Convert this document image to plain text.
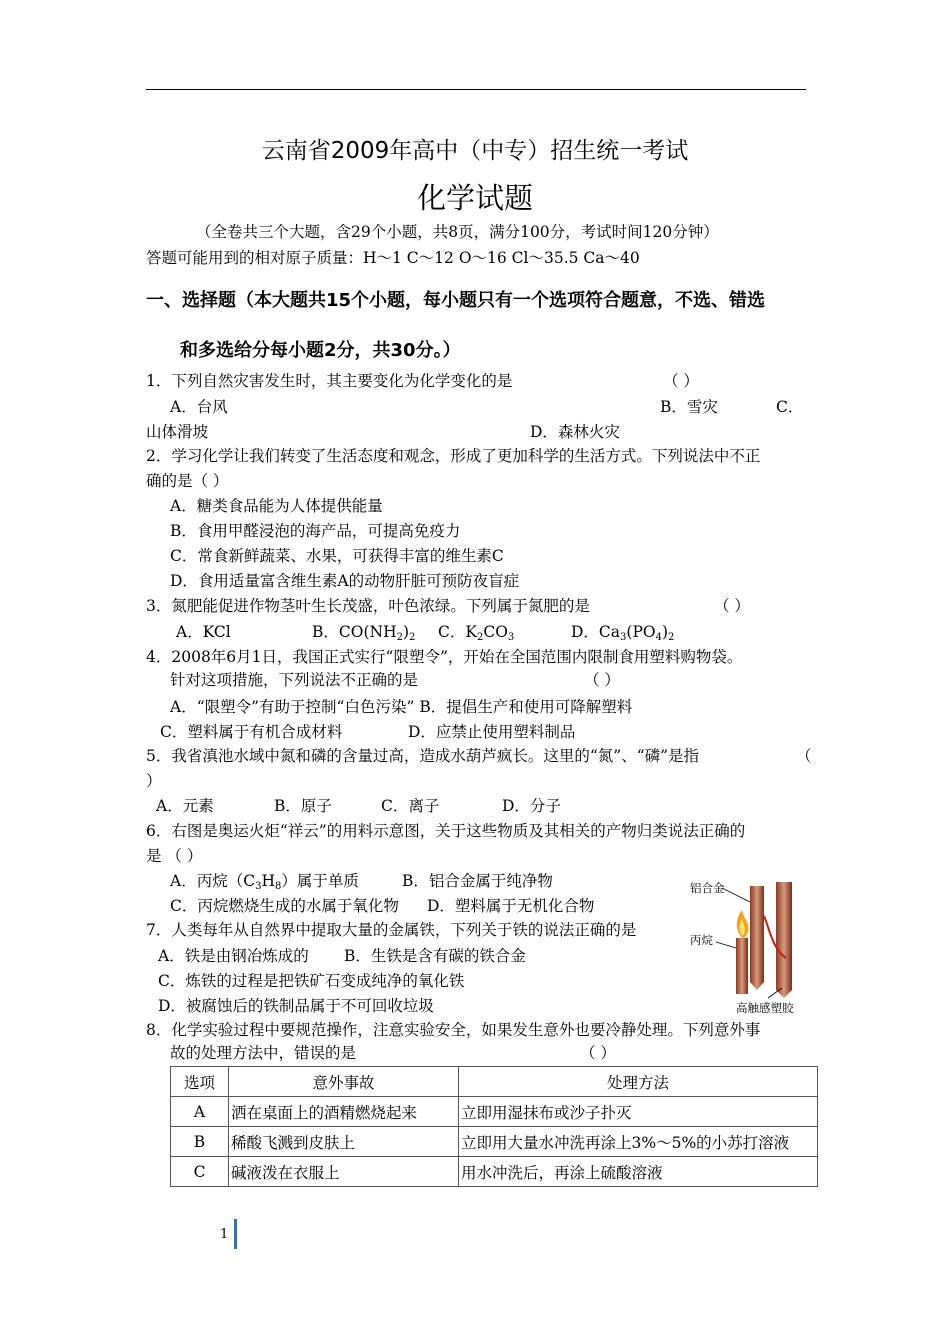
云南省2009年高中（中专）招生统一考试
化学试题
（全卷共三个大题，含29个小题，共8页，满分100分，考试时间120分钟）
答题可能用到的相对原子质量：H～1 C～12 O～16 Cl～35.5 Ca～40
一、选择题（本大题共15个小题，每小题只有一个选项符合题意，不选、错选
和多选给分每小题2分，共30分。）
1．下列自然灾害发生时，其主要变化为化学变化的是	（ ）
A．台风	B．雪灾	C．
山体滑坡	D．森林火灾
2．学习化学让我们转变了生活态度和观念，形成了更加科学的生活方式。下列说法中不正
确的是（ ）
A．糖类食品能为人体提供能量
B．食用甲醛浸泡的海产品，可提高免疫力
C．常食新鲜蔬菜、水果，可获得丰富的维生素C
D．食用适量富含维生素A的动物肝脏可预防夜盲症
3．氮肥能促进作物茎叶生长茂盛，叶色浓绿。下列属于氮肥的是	（ ）
A．KCl	B．$CO(NH_2)_2$ C．$K_2CO_3$	D．$Ca_3(PO_4)_2$
4．2008年6月1日，我国正式实行“限塑令”，开始在全国范围内限制食用塑料购物袋。
针对这项措施，下列说法不正确的是	（ ）
A．“限塑令”有助于控制“白色污染” B．提倡生产和使用可降解塑料
C．塑料属于有机合成材料	D．应禁止使用塑料制品
5．我省滇池水域中氮和磷的含量过高，造成水葫芦疯长。这里的“氮”、“磷”是指	（
）
A．元素	B．原子	C．离子	D．分子
6．右图是奥运火炬“祥云”的用料示意图，关于这些物质及其相关的产物归类说法正确的
是 （ ）
A．丙烷$(C_3H_8)$属于单质	B．铝合金属于纯净物
C．丙烷燃烧生成的水属于氧化物 D．塑料属于无机化合物
铝合金
丙烷
高触感塑胶
7．人类每年从自然界中提取大量的金属铁，下列关于铁的说法正确的是
A．铁是由钢冶炼成的 B．生铁是含有碳的铁合金
C．炼铁的过程是把铁矿石变成纯净的氧化铁
D．被腐蚀后的铁制品属于不可回收垃圾
8．化学实验过程中要规范操作，注意实验安全，如果发生意外也要冷静处理。下列意外事
故的处理方法中，错误的是	（ ）
选项	意外事故	处理方法
A	洒在桌面上的酒精燃烧起来	立即用湿抹布或沙子扑灭
B	稀酸飞溅到皮肤上	立即用大量水冲洗再涂上3%～5%的小苏打溶液
C	碱液泼在衣服上	用水冲洗后，再涂上硫酸溶液
1
